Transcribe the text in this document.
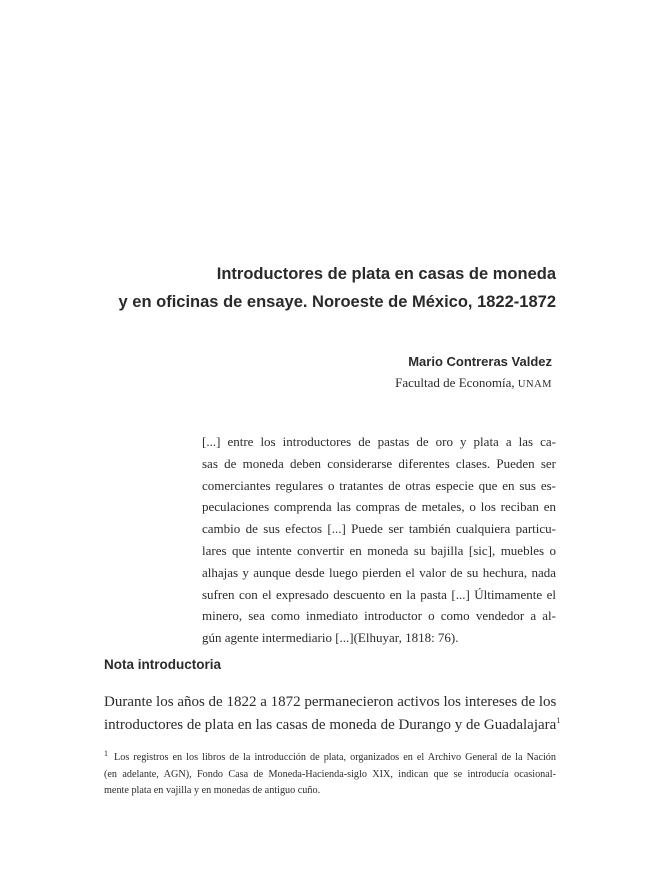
Introductores de plata en casas de moneda
y en oficinas de ensaye. Noroeste de México, 1822-1872
Mario Contreras Valdez
Facultad de Economía, UNAM
[...] entre los introductores de pastas de oro y plata a las ca-
sas de moneda deben considerarse diferentes clases. Pueden ser
comerciantes regulares o tratantes de otras especie que en sus es-
peculaciones comprenda las compras de metales, o los reciban en
cambio de sus efectos [...] Puede ser también cualquiera particu-
lares que intente convertir en moneda su bajilla [sic], muebles o
alhajas y aunque desde luego pierden el valor de su hechura, nada
sufren con el expresado descuento en la pasta [...] Últimamente el
minero, sea como inmediato introductor o como vendedor a al-
gún agente intermediario [...](Elhuyar, 1818: 76).
Nota introductoria
Durante los años de 1822 a 1872 permanecieron activos los intereses de los
introductores de plata en las casas de moneda de Durango y de Guadalajara$^1$
$^1$ Los registros en los libros de la introducción de plata, organizados en el Archivo General de la Nación
(en adelante, AGN), Fondo Casa de Moneda-Hacienda-siglo XIX, indican que se introducía ocasional-
mente plata en vajilla y en monedas de antiguo cuño.
